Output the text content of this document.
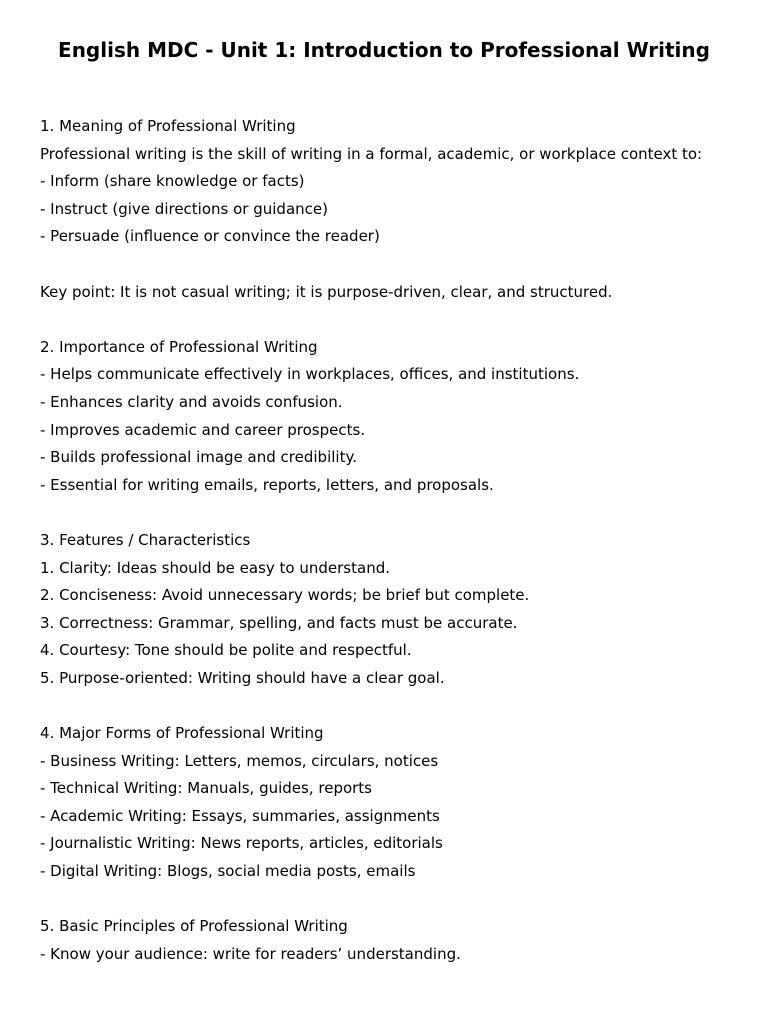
English MDC - Unit 1: Introduction to Professional Writing
1. Meaning of Professional Writing
Professional writing is the skill of writing in a formal, academic, or workplace context to:
- Inform (share knowledge or facts)
- Instruct (give directions or guidance)
- Persuade (influence or convince the reader)
Key point: It is not casual writing; it is purpose-driven, clear, and structured.
2. Importance of Professional Writing
- Helps communicate effectively in workplaces, offices, and institutions.
- Enhances clarity and avoids confusion.
- Improves academic and career prospects.
- Builds professional image and credibility.
- Essential for writing emails, reports, letters, and proposals.
3. Features / Characteristics
1. Clarity: Ideas should be easy to understand.
2. Conciseness: Avoid unnecessary words; be brief but complete.
3. Correctness: Grammar, spelling, and facts must be accurate.
4. Courtesy: Tone should be polite and respectful.
5. Purpose-oriented: Writing should have a clear goal.
4. Major Forms of Professional Writing
- Business Writing: Letters, memos, circulars, notices
- Technical Writing: Manuals, guides, reports
- Academic Writing: Essays, summaries, assignments
- Journalistic Writing: News reports, articles, editorials
- Digital Writing: Blogs, social media posts, emails
5. Basic Principles of Professional Writing
- Know your audience: write for readers’ understanding.
